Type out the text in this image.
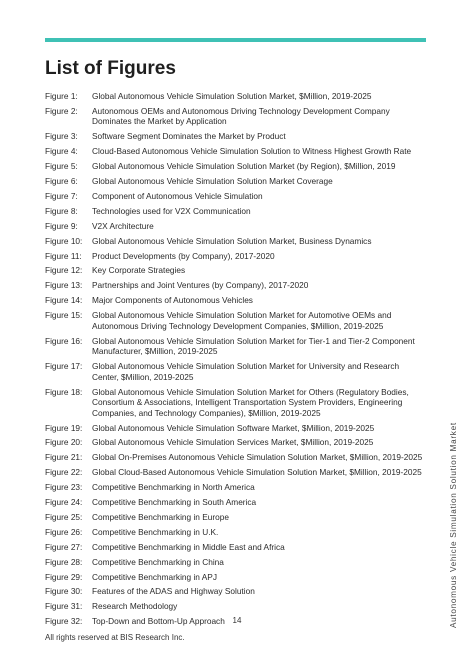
List of Figures
Figure 1:	Global Autonomous Vehicle Simulation Solution Market, $Million, 2019-2025
Figure 2:	Autonomous OEMs and Autonomous Driving Technology Development Company Dominates the Market by Application
Figure 3:	Software Segment Dominates the Market by Product
Figure 4:	Cloud-Based Autonomous Vehicle Simulation Solution to Witness Highest Growth Rate
Figure 5:	Global Autonomous Vehicle Simulation Solution Market (by Region), $Million, 2019
Figure 6:	Global Autonomous Vehicle Simulation Solution Market Coverage
Figure 7:	Component of Autonomous Vehicle Simulation
Figure 8:	Technologies used for V2X Communication
Figure 9:	V2X Architecture
Figure 10:	Global Autonomous Vehicle Simulation Solution Market, Business Dynamics
Figure 11:	Product Developments (by Company), 2017-2020
Figure 12:	Key Corporate Strategies
Figure 13:	Partnerships and Joint Ventures (by Company), 2017-2020
Figure 14:	Major Components of Autonomous Vehicles
Figure 15:	Global Autonomous Vehicle Simulation Solution Market for Automotive OEMs and Autonomous Driving Technology Development Companies, $Million, 2019-2025
Figure 16:	Global Autonomous Vehicle Simulation Solution Market for Tier-1 and Tier-2 Component Manufacturer, $Million, 2019-2025
Figure 17:	Global Autonomous Vehicle Simulation Solution Market for University and Research Center, $Million, 2019-2025
Figure 18:	Global Autonomous Vehicle Simulation Solution Market for Others (Regulatory Bodies, Consortium & Associations, Intelligent Transportation System Providers, Engineering Companies, and Technology Companies), $Million, 2019-2025
Figure 19:	Global Autonomous Vehicle Simulation Software Market, $Million, 2019-2025
Figure 20:	Global Autonomous Vehicle Simulation Services Market, $Million, 2019-2025
Figure 21:	Global On-Premises Autonomous Vehicle Simulation Solution Market, $Million, 2019-2025
Figure 22:	Global Cloud-Based Autonomous Vehicle Simulation Solution Market, $Million, 2019-2025
Figure 23:	Competitive Benchmarking in North America
Figure 24:	Competitive Benchmarking in South America
Figure 25:	Competitive Benchmarking in Europe
Figure 26:	Competitive Benchmarking in U.K.
Figure 27:	Competitive Benchmarking in Middle East and Africa
Figure 28:	Competitive Benchmarking in China
Figure 29:	Competitive Benchmarking in APJ
Figure 30:	Features of the ADAS and Highway Solution
Figure 31:	Research Methodology
Figure 32:	Top-Down and Bottom-Up Approach 14
All rights reserved at BIS Research Inc.
Autonomous Vehicle Simulation Solution Market
